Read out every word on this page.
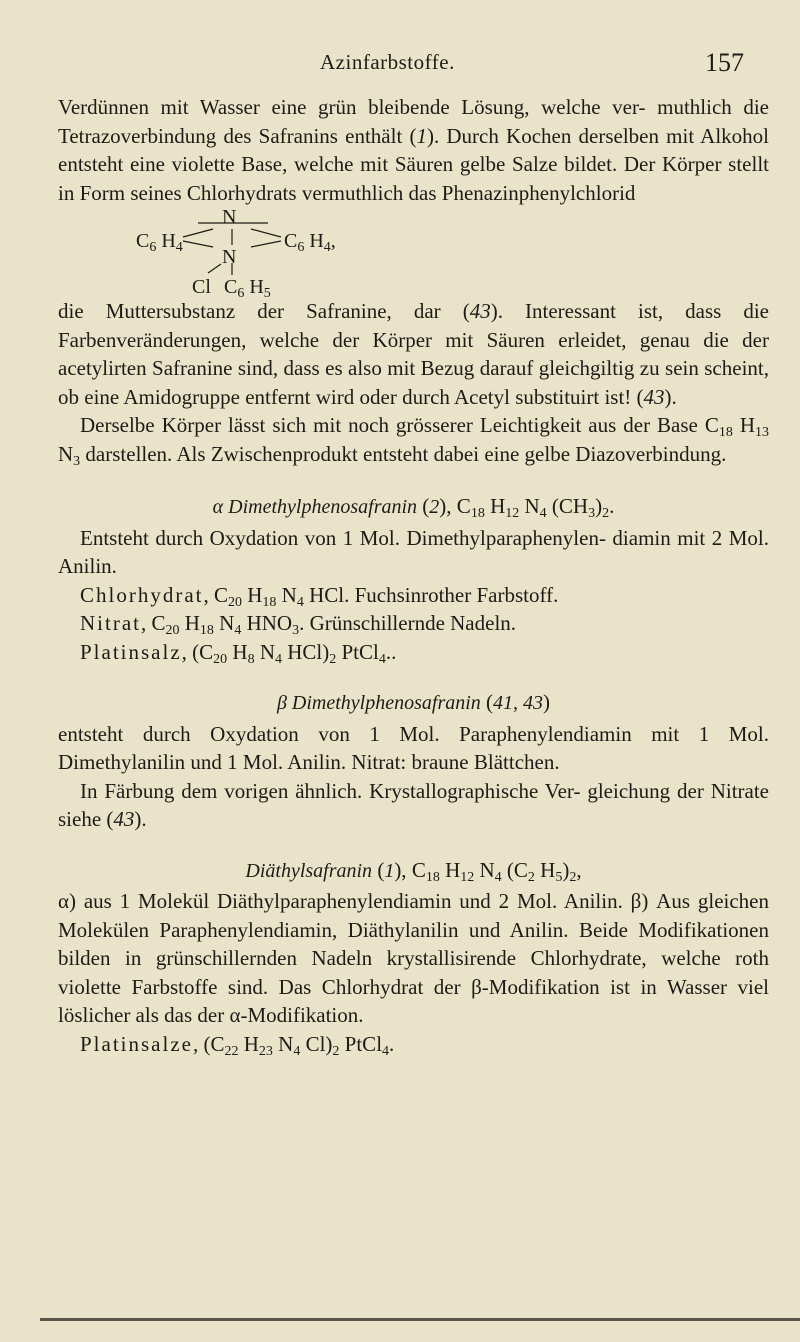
Azinfarbstoffe.	157

Verdünnen mit Wasser eine grün bleibende Lösung, welche ver- muthlich die Tetrazoverbindung des Safranins enthält (1). Durch Kochen derselben mit Alkohol entsteht eine violette Base, welche mit Säuren gelbe Salze bildet. Der Körper stellt in Form seines Chlorhydrats vermuthlich das Phenazinphenylchlorid

N
$C_6$ $H_4$	$C_6$ $H_4$,
N
Cl $C_6$ $H_5$

die Muttersubstanz der Safranine, dar (43). Interessant ist, dass die Farbenveränderungen, welche der Körper mit Säuren erleidet, genau die der acetylirten Safranine sind, dass es also mit Bezug darauf gleichgiltig zu sein scheint, ob eine Amidogruppe entfernt wird oder durch Acetyl substituirt ist! (43).

Derselbe Körper lässt sich mit noch grösserer Leichtigkeit aus der Base $C_{18}$ $H_{13}$ $N_3$ darstellen. Als Zwischenprodukt entsteht dabei eine gelbe Diazoverbindung.

α Dimethylphenosafranin (2), $C_{18}$ $H_{12}$ $N_4$ $(CH_3)_2$.

Entsteht durch Oxydation von 1 Mol. Dimethylparaphenylen- diamin mit 2 Mol. Anilin.

Chlorhydrat, $C_{20}$ $H_{18}$ $N_4$ HCl. Fuchsinrother Farbstoff.

Nitrat, $C_{20}$ $H_{18}$ $N_4$ $HNO_3$. Grünschillernde Nadeln.

Platinsalz, ($C_{20}$ $H_8$ $N_4$ $HCl)_2$ PtCl$_4$..

β Dimethylphenosafranin (41, 43)

entsteht durch Oxydation von 1 Mol. Paraphenylendiamin mit 1 Mol. Dimethylanilin und 1 Mol. Anilin. Nitrat: braune Blättchen.

In Färbung dem vorigen ähnlich. Krystallographische Ver- gleichung der Nitrate siehe (43).

Diäthylsafranin (1), $C_{18}$ $H_{12}$ $N_4$ ($C_2$ $H_5)_2$,

α) aus 1 Molekül Diäthylparaphenylendiamin und 2 Mol. Anilin. β) Aus gleichen Molekülen Paraphenylendiamin, Diäthylanilin und Anilin. Beide Modifikationen bilden in grünschillernden Nadeln krystallisirende Chlorhydrate, welche roth violette Farbstoffe sind. Das Chlorhydrat der β-Modifikation ist in Wasser viel löslicher als das der α-Modifikation.

Platinsalze, ($C_{22}$ $H_{23}$ $N_4$ $Cl)_2$ PtCl$_4$.
